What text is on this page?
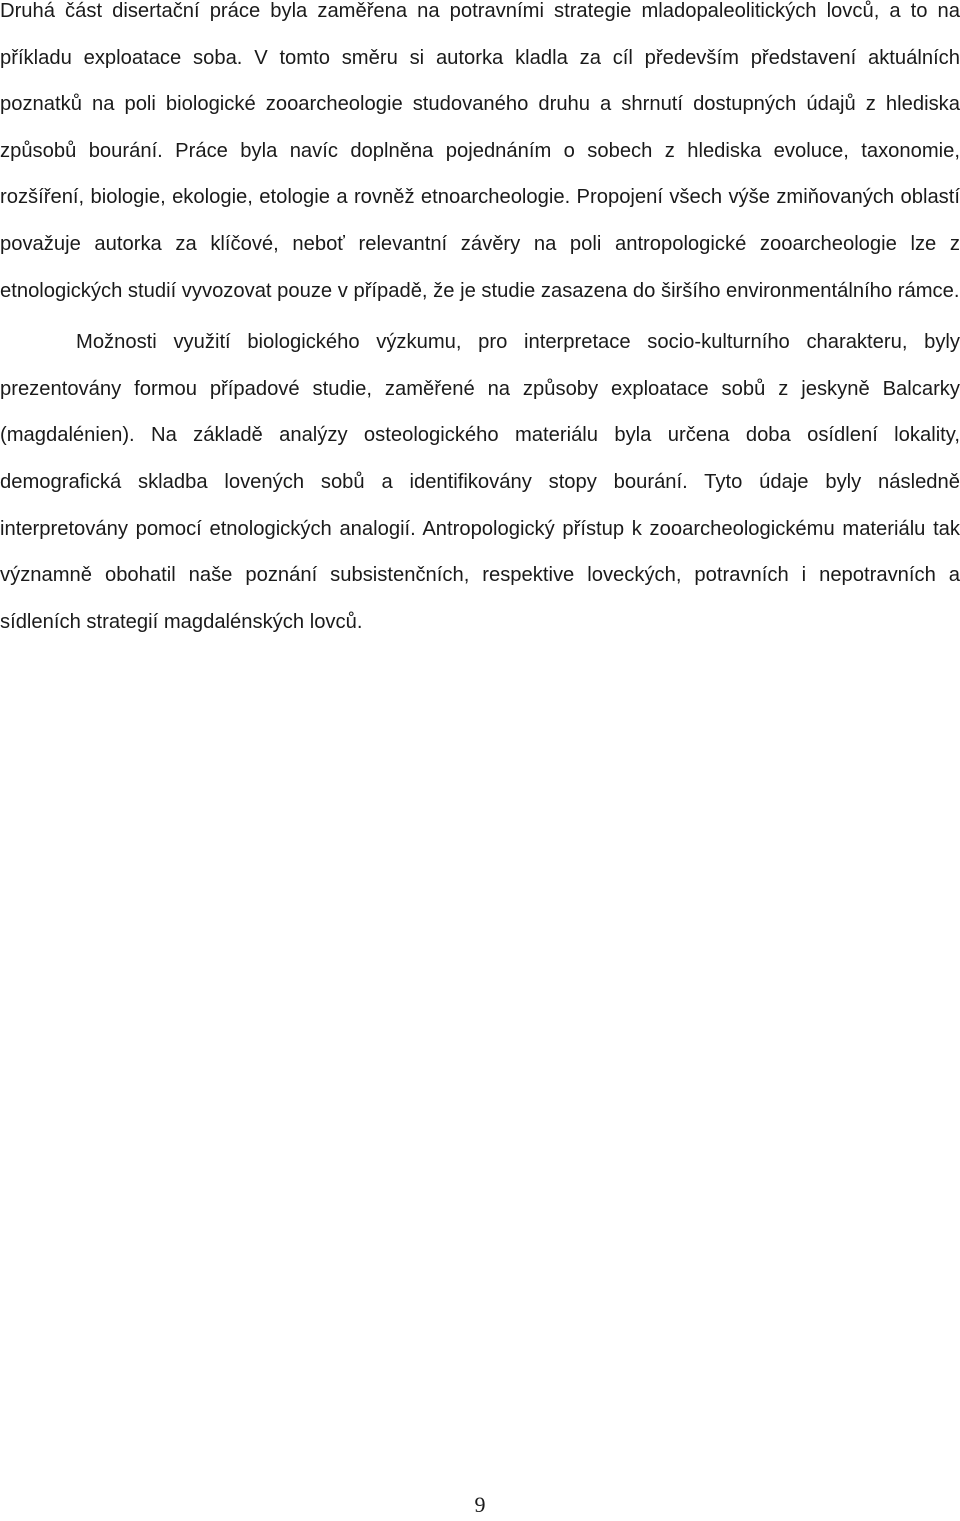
Druhá část disertační práce byla zaměřena na potravními strategie mladopaleolitických lovců, a to na příkladu exploatace soba. V tomto směru si autorka kladla za cíl především představení aktuálních poznatků na poli biologické zooarcheologie studovaného druhu a shrnutí dostupných údajů z hlediska způsobů bourání. Práce byla navíc doplněna pojednáním o sobech z hlediska evoluce, taxonomie, rozšíření, biologie, ekologie, etologie a rovněž etnoarcheologie. Propojení všech výše zmiňovaných oblastí považuje autorka za klíčové, neboť relevantní závěry na poli antropologické zooarcheologie lze z etnologických studií vyvozovat pouze v případě, že je studie zasazena do širšího environmentálního rámce.

Možnosti využití biologického výzkumu, pro interpretace socio-kulturního charakteru, byly prezentovány formou případové studie, zaměřené na způsoby exploatace sobů z jeskyně Balcarky (magdalénien). Na základě analýzy osteologického materiálu byla určena doba osídlení lokality, demografická skladba lovených sobů a identifikovány stopy bourání. Tyto údaje byly následně interpretovány pomocí etnologických analogií. Antropologický přístup k zooarcheologickému materiálu tak významně obohatil naše poznání subsistenčních, respektive loveckých, potravních i nepotravních a sídleních strategií magdalénských lovců.

9
